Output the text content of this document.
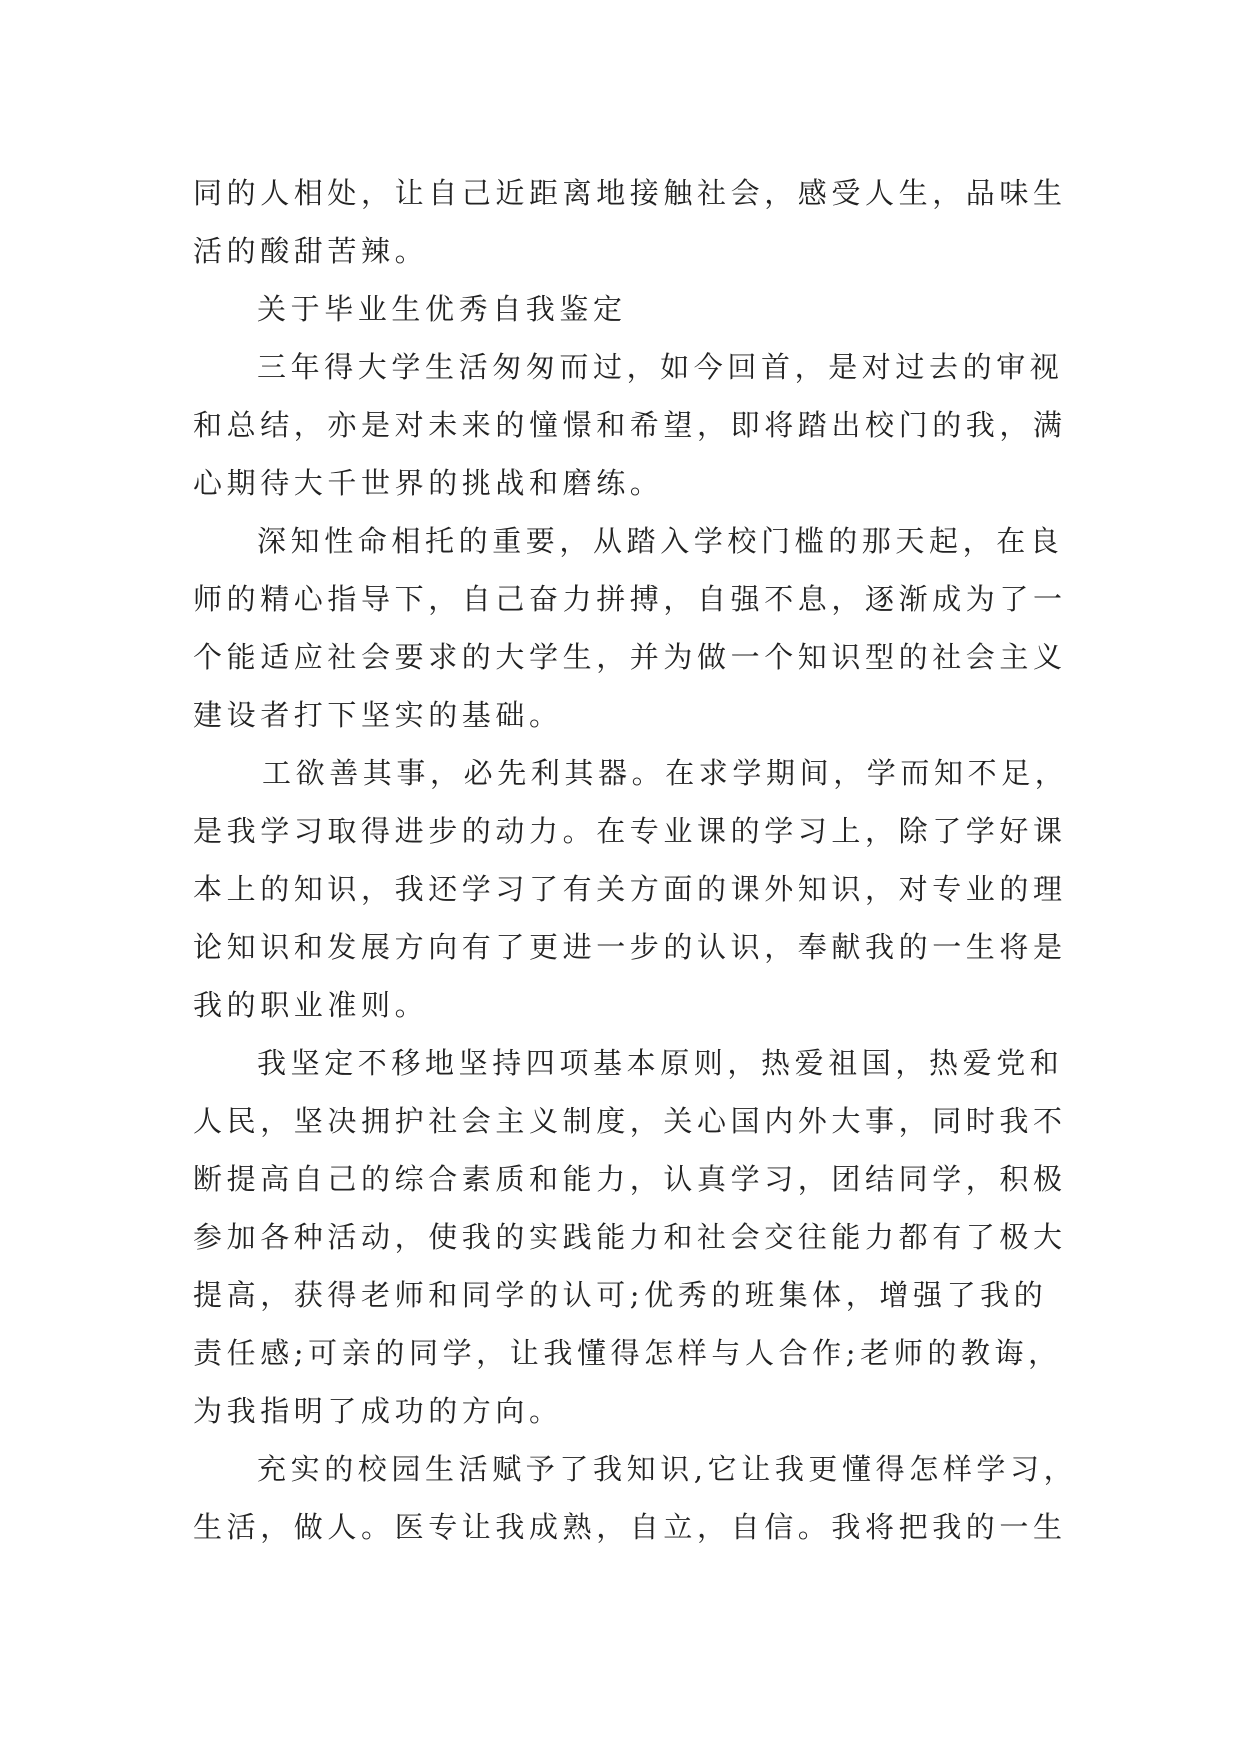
同的人相处，让自己近距离地接触社会，感受人生，品味生
活的酸甜苦辣。
关于毕业生优秀自我鉴定
三年得大学生活匆匆而过，如今回首，是对过去的审视
和总结，亦是对未来的憧憬和希望，即将踏出校门的我，满
心期待大千世界的挑战和磨练。
深知性命相托的重要，从踏入学校门槛的那天起，在良
师的精心指导下，自己奋力拼搏，自强不息，逐渐成为了一
个能适应社会要求的大学生，并为做一个知识型的社会主义
建设者打下坚实的基础。
工欲善其事，必先利其器。在求学期间，学而知不足，
是我学习取得进步的动力。在专业课的学习上，除了学好课
本上的知识，我还学习了有关方面的课外知识，对专业的理
论知识和发展方向有了更进一步的认识，奉献我的一生将是
我的职业准则。
我坚定不移地坚持四项基本原则，热爱祖国，热爱党和
人民，坚决拥护社会主义制度，关心国内外大事，同时我不
断提高自己的综合素质和能力，认真学习，团结同学，积极
参加各种活动，使我的实践能力和社会交往能力都有了极大
提高，获得老师和同学的认可;优秀的班集体，增强了我的
责任感;可亲的同学，让我懂得怎样与人合作;老师的教诲，
为我指明了成功的方向。
充实的校园生活赋予了我知识,它让我更懂得怎样学习，
生活，做人。医专让我成熟，自立，自信。我将把我的一生
